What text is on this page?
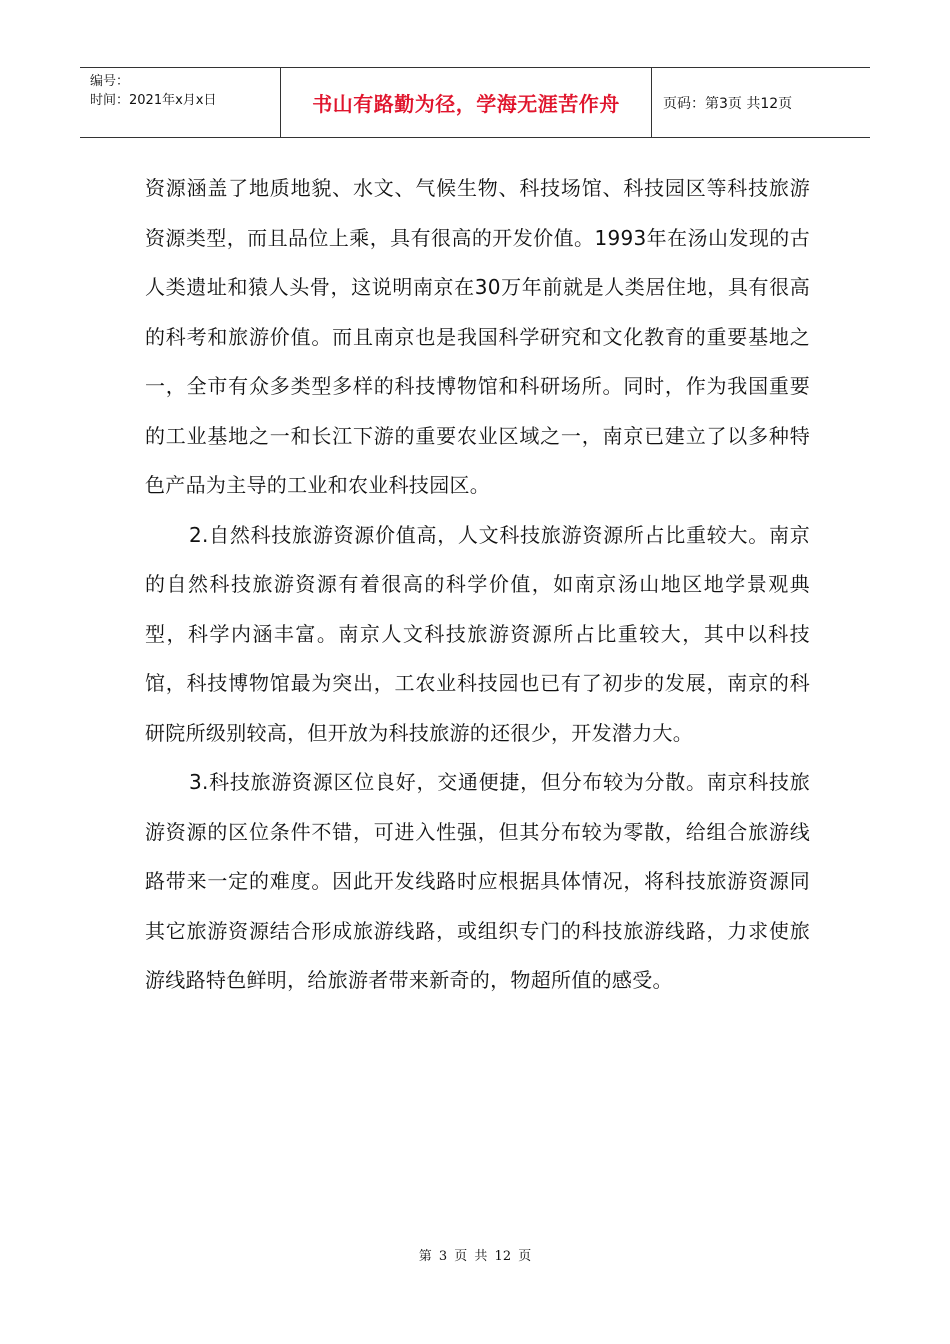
编号：
时间：2021年x月x日	书山有路勤为径，学海无涯苦作舟	页码：第3页 共12页

资源涵盖了地质地貌、水文、气候生物、科技场馆、科技园区等科技旅游资源类型，而且品位上乘，具有很高的开发价值。1993年在汤山发现的古人类遗址和猿人头骨，这说明南京在30万年前就是人类居住地，具有很高的科考和旅游价值。而且南京也是我国科学研究和文化教育的重要基地之一，全市有众多类型多样的科技博物馆和科研场所。同时，作为我国重要的工业基地之一和长江下游的重要农业区域之一，南京已建立了以多种特色产品为主导的工业和农业科技园区。

2.自然科技旅游资源价值高，人文科技旅游资源所占比重较大。南京的自然科技旅游资源有着很高的科学价值，如南京汤山地区地学景观典型，科学内涵丰富。南京人文科技旅游资源所占比重较大，其中以科技馆，科技博物馆最为突出，工农业科技园也已有了初步的发展，南京的科研院所级别较高，但开放为科技旅游的还很少，开发潜力大。

3.科技旅游资源区位良好，交通便捷，但分布较为分散。南京科技旅游资源的区位条件不错，可进入性强，但其分布较为零散，给组合旅游线路带来一定的难度。因此开发线路时应根据具体情况，将科技旅游资源同其它旅游资源结合形成旅游线路，或组织专门的科技旅游线路，力求使旅游线路特色鲜明，给旅游者带来新奇的，物超所值的感受。

第 3 页 共 12 页
